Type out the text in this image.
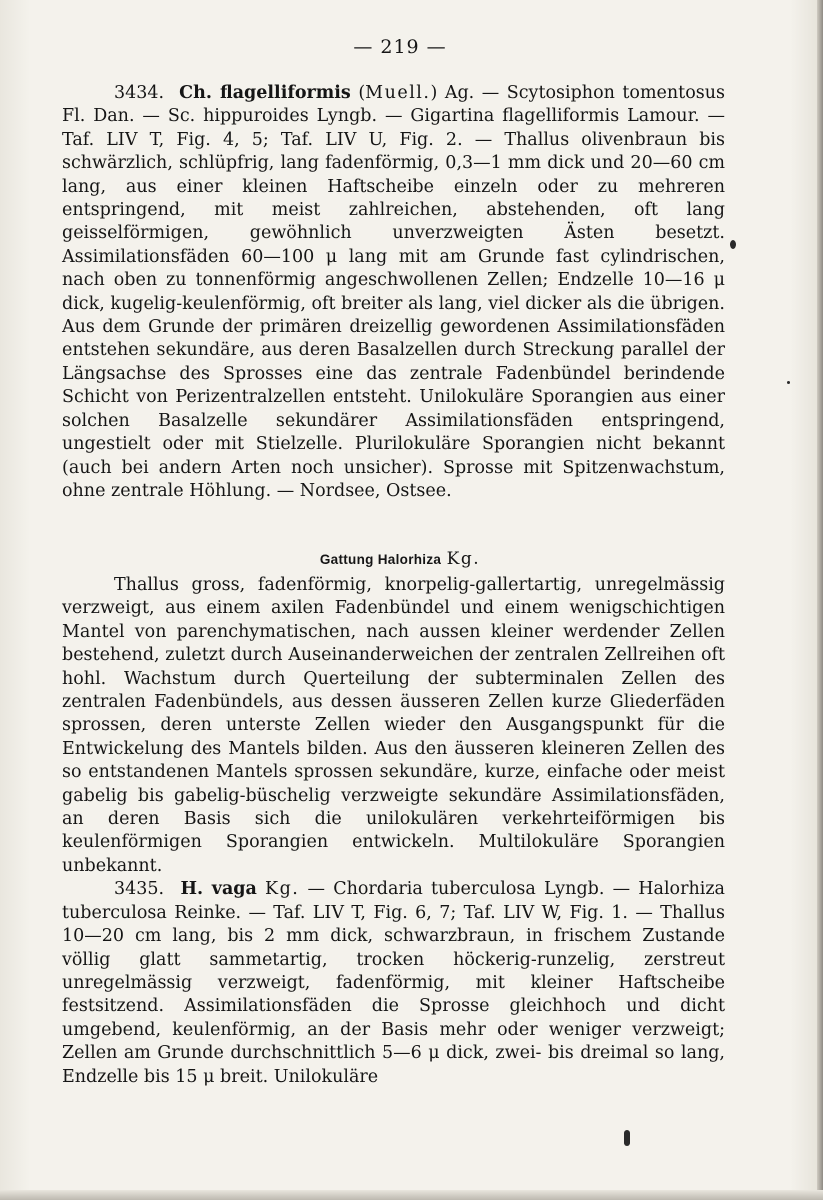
— 219 —

3434. Ch. flagelliformis (Muell.) Ag. — Scytosiphon tomentosus Fl. Dan. — Sc. hippuroides Lyngb. — Gigartina flagelliformis Lamour. — Taf. LIV T, Fig. 4, 5; Taf. LIV U, Fig. 2. — Thallus olivenbraun bis schwärzlich, schlüpfrig, lang fadenförmig, 0,3—1 mm dick und 20—60 cm lang, aus einer kleinen Haftscheibe einzeln oder zu mehreren entspringend, mit meist zahlreichen, abstehenden, oft lang geisselförmigen, gewöhnlich unverzweigten Ästen besetzt. Assimilationsfäden 60—100 μ lang mit am Grunde fast cylindrischen, nach oben zu tonnenförmig angeschwollenen Zellen; Endzelle 10—16 μ dick, kugelig-keulenförmig, oft breiter als lang, viel dicker als die übrigen. Aus dem Grunde der primären dreizellig gewordenen Assimilationsfäden entstehen sekundäre, aus deren Basalzellen durch Streckung parallel der Längsachse des Sprosses eine das zentrale Fadenbündel berindende Schicht von Perizentralzellen entsteht. Unilokuläre Sporangien aus einer solchen Basalzelle sekundärer Assimilationsfäden entspringend, ungestielt oder mit Stielzelle. Plurilokuläre Sporangien nicht bekannt (auch bei andern Arten noch unsicher). Sprosse mit Spitzenwachstum, ohne zentrale Höhlung. — Nordsee, Ostsee.

Gattung Halorhiza Kg.

Thallus gross, fadenförmig, knorpelig-gallertartig, unregelmässig verzweigt, aus einem axilen Fadenbündel und einem wenigschichtigen Mantel von parenchymatischen, nach aussen kleiner werdender Zellen bestehend, zuletzt durch Auseinanderweichen der zentralen Zellreihen oft hohl. Wachstum durch Querteilung der subterminalen Zellen des zentralen Fadenbündels, aus dessen äusseren Zellen kurze Gliederfäden sprossen, deren unterste Zellen wieder den Ausgangspunkt für die Entwickelung des Mantels bilden. Aus den äusseren kleineren Zellen des so entstandenen Mantels sprossen sekundäre, kurze, einfache oder meist gabelig bis gabelig-büschelig verzweigte sekundäre Assimilationsfäden, an deren Basis sich die unilokulären verkehrteiförmigen bis keulenförmigen Sporangien entwickeln. Multilokuläre Sporangien unbekannt.

3435. H. vaga Kg. — Chordaria tuberculosa Lyngb. — Halorhiza tuberculosa Reinke. — Taf. LIV T, Fig. 6, 7; Taf. LIV W, Fig. 1. — Thallus 10—20 cm lang, bis 2 mm dick, schwarzbraun, in frischem Zustande völlig glatt sammetartig, trocken höckerig-runzelig, zerstreut unregelmässig verzweigt, fadenförmig, mit kleiner Haftscheibe festsitzend. Assimilationsfäden die Sprosse gleichhoch und dicht umgebend, keulenförmig, an der Basis mehr oder weniger verzweigt; Zellen am Grunde durchschnittlich 5—6 μ dick, zwei- bis dreimal so lang, Endzelle bis 15 μ breit. Unilokuläre
